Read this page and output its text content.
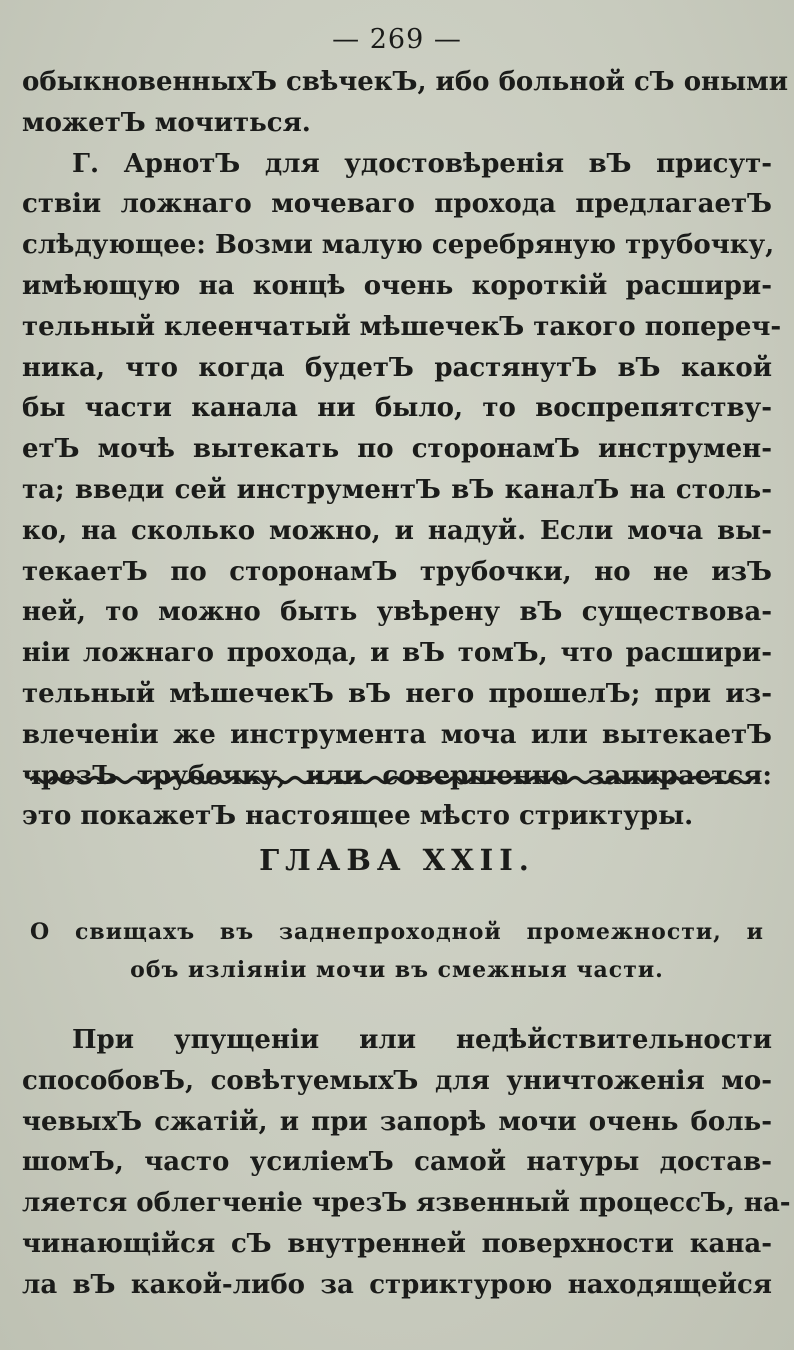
— 269 —
обыкновенныхЪ свѣчекЪ, ибо больной сЪ оными
можетЪ мочиться.
Г. АрнотЪ для удостовѣренія вЪ присут-
ствіи ложнаго мочеваго прохода предлагаетЪ
слѣдующее: Возми малую серебряную трубочку,
имѣющую на концѣ очень короткій расшири-
тельный клеенчатый мѣшечекЪ такого попереч-
ника, что когда будетЪ растянутЪ вЪ какой
бы части канала ни было, то воспрепятству-
етЪ мочѣ вытекать по сторонамЪ инструмен-
та; введи сей инструментЪ вЪ каналЪ на столь-
ко, на сколько можно, и надуй. Если моча вы-
текаетЪ по сторонамЪ трубочки, но не изЪ
ней, то можно быть увѣрену вЪ существова-
ніи ложнаго прохода, и вЪ томЪ, что расшири-
тельный мѣшечекЪ вЪ него прошелЪ; при из-
влеченіи же инструмента моча или вытекаетЪ
чрезЪ трубочку, или совершенно запирается:
это покажетЪ настоящее мѣсто стриктуры.
ГЛАВА XXII.
О свищахъ въ заднепроходной промежности, и
объ изліяніи мочи въ смежныя части.
При упущеніи или недѣйствительности
способовЪ, совѣтуемыхЪ для уничтоженія мо-
чевыхЪ сжатій, и при запорѣ мочи очень боль-
шомЪ, часто усиліемЪ самой натуры достав-
ляется облегченіе чрезЪ язвенный процессЪ, на-
чинающійся сЪ внутренней поверхности кана-
ла вЪ какой-либо за стриктурою находящейся
